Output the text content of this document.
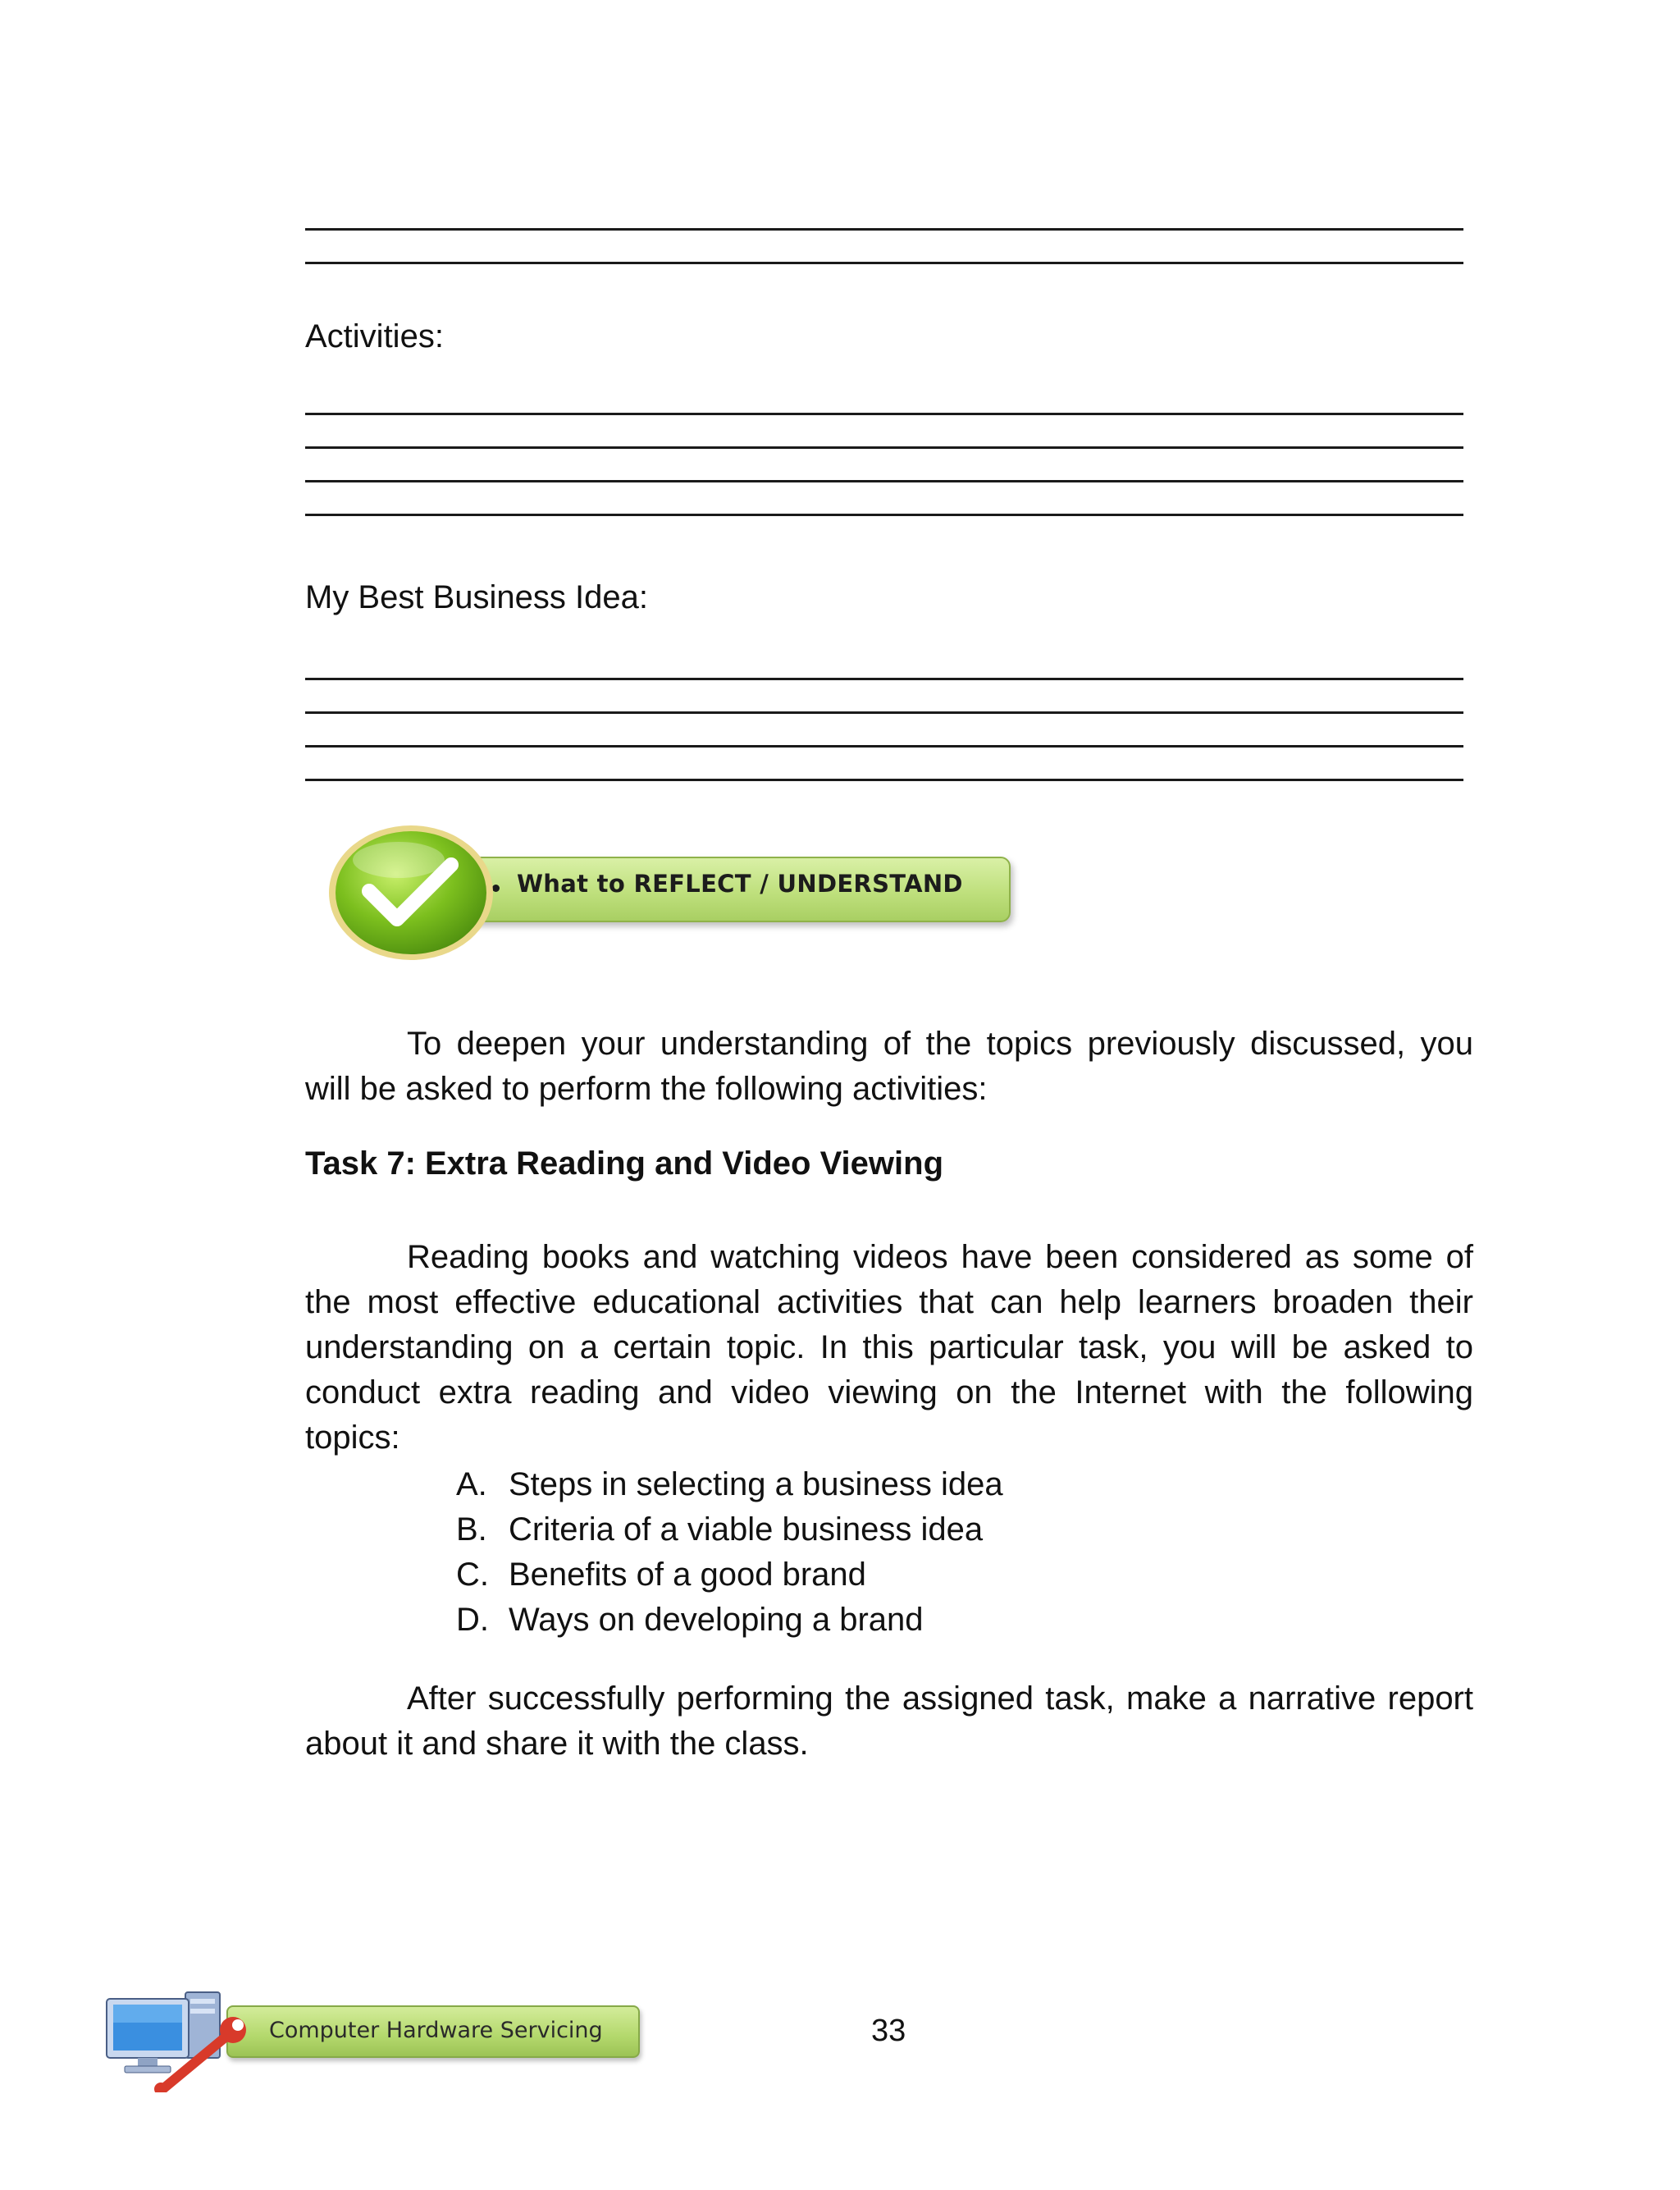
Activities:

My Best Business Idea:

What to REFLECT / UNDERSTAND

To deepen your understanding of the topics previously discussed, you will be asked to perform the following activities:

Task 7: Extra Reading and Video Viewing

Reading books and watching videos have been considered as some of the most effective educational activities that can help learners broaden their understanding on a certain topic. In this particular task, you will be asked to conduct extra reading and video viewing on the Internet with the following topics:

A. Steps in selecting a business idea
B. Criteria of a viable business idea
C. Benefits of a good brand
D. Ways on developing a brand

After successfully performing the assigned task, make a narrative report about it and share it with the class.

Computer Hardware Servicing	33
